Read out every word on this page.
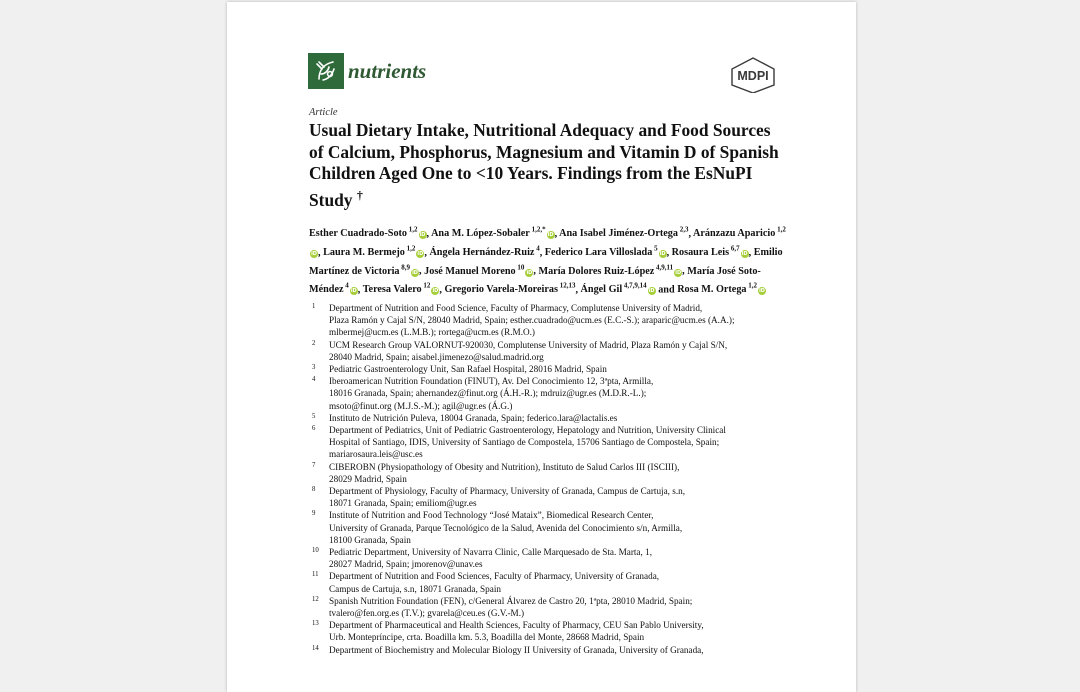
nutrients	MDPI
Article
Usual Dietary Intake, Nutritional Adequacy and Food Sources of Calcium, Phosphorus, Magnesium and Vitamin D of Spanish Children Aged One to <10 Years. Findings from the EsNuPI Study †
Esther Cuadrado-Soto $^{1,2}$iD, Ana M. López-Sobaler $^{1,2,*}$iD, Ana Isabel Jiménez-Ortega $^{2,3}$, Aránzazu Aparicio $^{1,2}$iD, Laura M. Bermejo $^{1,2}$iD, Ángela Hernández-Ruiz $^4$, Federico Lara Villoslada $^5$iD, Rosaura Leis $^{6,7}$iD, Emilio Martínez de Victoria $^{8,9}$iD, José Manuel Moreno $^{10}$iD, María Dolores Ruiz-López $^{4,9,11}$iD, María José Soto-Méndez $^4$iD, Teresa Valero $^{12}$iD, Gregorio Varela-Moreiras $^{12,13}$, Ángel Gil $^{4,7,9,14}$iD and Rosa M. Ortega $^{1,2}$iD
1 Department of Nutrition and Food Science, Faculty of Pharmacy, Complutense University of Madrid,
Plaza Ramón y Cajal S/N, 28040 Madrid, Spain; esther.cuadrado@ucm.es (E.C.-S.); araparic@ucm.es (A.A.);
mlbermej@ucm.es (L.M.B.); rortega@ucm.es (R.M.O.)
2 UCM Research Group VALORNUT-920030, Complutense University of Madrid, Plaza Ramón y Cajal S/N,
28040 Madrid, Spain; aisabel.jimenezo@salud.madrid.org
3 Pediatric Gastroenterology Unit, San Rafael Hospital, 28016 Madrid, Spain
4 Iberoamerican Nutrition Foundation (FINUT), Av. Del Conocimiento 12, 3ªpta, Armilla,
18016 Granada, Spain; ahernandez@finut.org (Á.H.-R.); mdruiz@ugr.es (M.D.R.-L.);
msoto@finut.org (M.J.S.-M.); agil@ugr.es (Á.G.)
5 Instituto de Nutrición Puleva, 18004 Granada, Spain; federico.lara@lactalis.es
6 Department of Pediatrics, Unit of Pediatric Gastroenterology, Hepatology and Nutrition, University Clinical
Hospital of Santiago, IDIS, University of Santiago de Compostela, 15706 Santiago de Compostela, Spain;
mariarosaura.leis@usc.es
7 CIBEROBN (Physiopathology of Obesity and Nutrition), Instituto de Salud Carlos III (ISCIII),
28029 Madrid, Spain
8 Department of Physiology, Faculty of Pharmacy, University of Granada, Campus de Cartuja, s.n,
18071 Granada, Spain; emiliom@ugr.es
9 Institute of Nutrition and Food Technology “José Mataix”, Biomedical Research Center,
University of Granada, Parque Tecnológico de la Salud, Avenida del Conocimiento s/n, Armilla,
18100 Granada, Spain
10 Pediatric Department, University of Navarra Clinic, Calle Marquesado de Sta. Marta, 1,
28027 Madrid, Spain; jmorenov@unav.es
11 Department of Nutrition and Food Sciences, Faculty of Pharmacy, University of Granada,
Campus de Cartuja, s.n, 18071 Granada, Spain
12 Spanish Nutrition Foundation (FEN), c/General Álvarez de Castro 20, 1ªpta, 28010 Madrid, Spain;
tvalero@fen.org.es (T.V.); gvarela@ceu.es (G.V.-M.)
13 Department of Pharmaceutical and Health Sciences, Faculty of Pharmacy, CEU San Pablo University,
Urb. Montepríncipe, crta. Boadilla km. 5.3, Boadilla del Monte, 28668 Madrid, Spain
14 Department of Biochemistry and Molecular Biology II University of Granada, University of Granada,
